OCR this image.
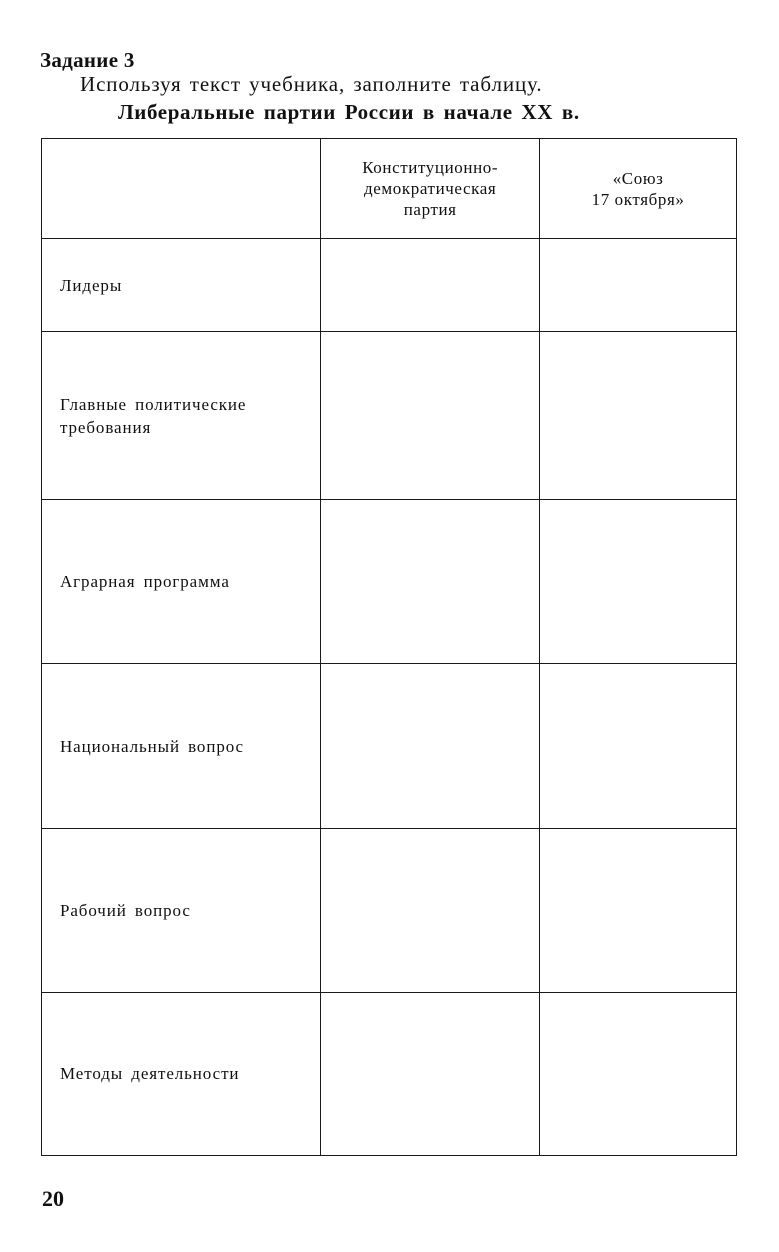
Задание 3
Используя текст учебника, заполните таблицу.
Либеральные партии России в начале XX в.

	Конституционно-
демократическая
партия	«Союз
17 октября»

Лидеры		

Главные политические
требования		

Аграрная программа		

Национальный вопрос		

Рабочий вопрос		

Методы деятельности		

20
